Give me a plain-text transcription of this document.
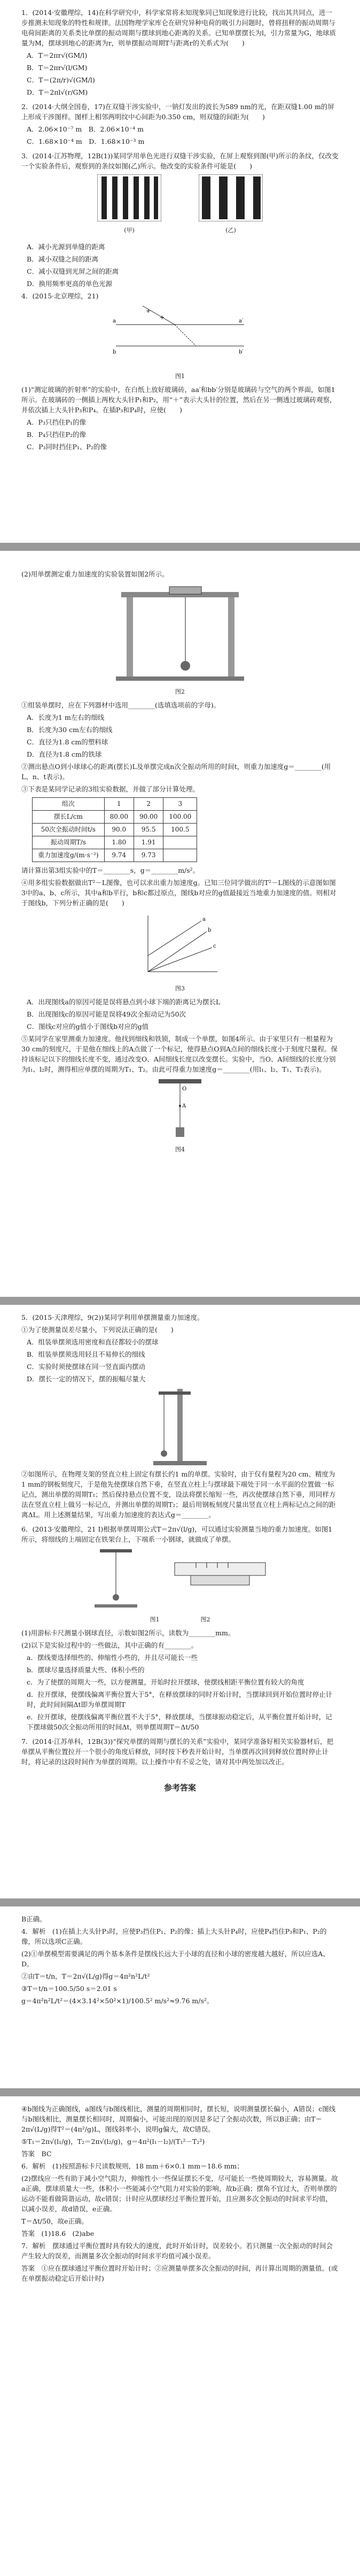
1．(2014·安徽理综，14)在科学研究中，科学家常将未知现象同已知现象进行比较，找出其共同点，进一步推测未知现象的特性和规律。法国物理学家库仑在研究异种电荷的吸引力问题时，曾将扭秤的振动周期与电荷间距离的关系类比单摆的振动周期与摆球到地心距离的关系。已知单摆摆长为l，引力常量为G，地球质量为M，摆球到地心的距离为r，则单摆振动周期T与距离r的关系式为(　　)

A．T＝2πr√(GM/l)

B．T＝2πr√(l/GM)

C．T＝(2π/r)√(GM/l)

D．T＝2πl√(r/GM)

2．(2014·大纲全国卷，17)在双缝干涉实验中，一钠灯发出的波长为589 nm的光，在距双缝1.00 m的屏上形成干涉图样。图样上相邻两明纹中心间距为0.350 cm，则双缝的间距为(　　)

A．2.06×10⁻⁷ m　B．2.06×10⁻⁴ m

C．1.68×10⁻⁴ m　D．1.68×10⁻³ m

3．(2014·江苏物理，12B(1))某同学用单色光进行双缝干涉实验，在屏上观察到图(甲)所示的条纹，仅改变一个实验条件后，观察到的条纹如图(乙)所示。他改变的实验条件可能是(　　)

(甲)	(乙)

A．减小光源到单缝的距离

B．减小双缝之间的距离

C．减小双缝到光屏之间的距离

D．换用频率更高的单色光源

4．(2015·北京理综，21)

+
+
a	a′
b	b′
图1

(1)“测定玻璃的折射率”的实验中，在白纸上放好玻璃砖，aa′和bb′分别是玻璃砖与空气的两个界面，如图1所示。在玻璃砖的一侧插上两枚大头针P₁和P₂，用“＋”表示大头针的位置，然后在另一侧透过玻璃砖观察，并依次插上大头针P₃和P₄。在插P₃和P₄时，应使(　　)

A．P₃只挡住P₁的像

B．P₄只挡住P₂的像

C．P₃同时挡住P₁、P₂的像

(2)用单摆测定重力加速度的实验装置如图2所示。

图2

①组装单摆时，应在下列器材中选用________(选填选项前的字母)。

A．长度为1 m左右的细线

B．长度为30 cm左右的细线

C．直径为1.8 cm的塑料球

D．直径为1.8 cm的铁球

②测出悬点O到小球球心的距离(摆长)L及单摆完成n次全振动所用的时间t，则重力加速度g＝________(用L、n、t表示)。

③下表是某同学记录的3组实验数据，并做了部分计算处理。

组次	1	2	3
摆长L/cm	80.00	90.00	100.00
50次全振动时间t/s	90.0	95.5	100.5
振动周期T/s	1.80	1.91	
重力加速度g/(m·s⁻²)	9.74	9.73	

请计算出第3组实验中的T＝________s，g＝________m/s²。

④用多组实验数据做出T²－L图像，也可以求出重力加速度g。已知三位同学做出的T²－L图线的示意图如图3中的a、b、c所示，其中a和b平行，b和c都过原点，图线b对应的g值最接近当地重力加速度的值。则相对于图线b，下列分析正确的是(　　)

a
b
c
图3

A．出现图线a的原因可能是误将悬点到小球下端的距离记为摆长L

B．出现图线c的原因可能是误将49次全振动记为50次

C．图线c对应的g值小于图线b对应的g值

⑤某同学在家里测重力加速度。他找到细线和铁锁，制成一个单摆，如图4所示。由于家里只有一根量程为30 cm的刻度尺，于是他在细线上的A点做了一个标记，使得悬点O到A点间的细线长度小于刻度尺量程。保持该标记以下的细线长度不变，通过改变O、A间细线长度以改变摆长。实验中，当O、A间细线的长度分别为l₁、l₂时，测得相应单摆的周期为T₁、T₂。由此可得重力加速度g＝________(用l₁、l₂、T₁、T₂表示)。

O
A
图4

5．(2015·天津理综，9(2))某同学利用单摆测量重力加速度。

①为了使测量误差尽量小，下列说法正确的是(　　)

A．组装单摆须选用密度和直径都较小的摆球

B．组装单摆须选用轻且不易伸长的细线

C．实验时须使摆球在同一竖直面内摆动

D．摆长一定的情况下，摆的振幅尽量大

②如图所示，在物理支架的竖直立柱上固定有摆长约1 m的单摆。实验时，由于仅有量程为20 cm、精度为1 mm的钢板刻度尺，于是他先使摆球自然下垂，在竖直立柱上与摆球最下端处于同一水平面的位置做一标记点，测出单摆的周期T₁；然后保持悬点位置不变，设法将摆长缩短一些，再次使摆球自然下垂，用同样方法在竖直立柱上做另一标记点，并测出单摆的周期T₂；最后用钢板刻度尺量出竖直立柱上两标记点之间的距离ΔL。用上述测量结果，写出重力加速度的表达式g＝________。

6．(2013·安徽理综，21 I)根据单摆周期公式T＝2π√(l/g)，可以通过实验测量当地的重力加速度。如图1所示，将细线的上端固定在铁架台上，下端系一小钢球，就做成了单摆。

图1　　　　　　　图2

(1)用游标卡尺测量小钢球直径，示数如图2所示，读数为________mm。

(2)以下是实验过程中的一些做法，其中正确的有________。

a．摆线要选择细些的、伸缩性小些的，并且尽可能长一些

b．摆球尽量选择质量大些、体积小些的

c．为了使摆的周期大一些，以方便测量，开始时拉开摆球，使摆线相距平衡位置有较大的角度

d．拉开摆球，使摆线偏离平衡位置大于5°，在释放摆球的同时开始计时，当摆球回到开始位置时停止计时，此时间间隔Δt即为单摆周期T

e．拉开摆球，使摆线偏离平衡位置不大于5°，释放摆球，当摆球振动稳定后，从平衡位置开始计时，记下摆球做50次全振动所用的时间Δt，则单摆周期T＝Δt/50

7．(2014·江苏单科，12B(3))“探究单摆的周期与摆长的关系”实验中，某同学准备好相关实验器材后，把单摆从平衡位置拉开一个很小的角度后释放，同时按下秒表开始计时，当单摆再次回到释放位置时停止计时，将记录的这段时间作为单摆的周期。以上操作中有不妥之处，请对其中两处加以改正。

参考答案

B正确。

4．解析　(1)在插上大头针P₃时，应使P₃挡住P₁、P₂的像；插上大头针P₄时，应使P₄挡住P₃和P₁、P₂的像，所以选项C正确。

(2)①单摆模型需要满足的两个基本条件是摆线长远大于小球的直径和小球的密度越大越好，所以应选A、D。

②由T＝t/n，T＝2π√(L/g)得g＝4π²n²L/t²

③T＝t/n＝100.5/50 s＝2.01 s

g＝4π²n²L/t²＝(4×3.14²×50²×1)/100.5² m/s²≈9.76 m/s²。

④b图线为正确图线，a图线与b图线相比，测量的周期相同时，摆长短，说明测量摆长偏小，A错误；c图线与b图线相比，测量摆长相同时，周期偏小，可能出现的原因是多记了全振动次数，所以B正确；由T＝2π√(L/g)得T²＝(4π²/g)L，图线斜率小，说明g偏大，故C错误。

⑤T₁＝2π√(l₁/g)，T₂＝2π√(l₂/g)，g＝4π²(l₁－l₂)/(T₁²－T₂²)

答案　BC

6．解析　(1)按照游标卡尺读数规则，18 mm＋6×0.1 mm＝18.6 mm；

(2)摆线应一些有助于减小空气阻力，伸缩性小一些保证摆长不变，尽可能长一些使周期较大，容易测量。故a正确，摆球质量大一些，体积小一些能减小空气阻力对实验的影响，故b正确；摆角不宜过大，否则单摆的运动不能看做简谐运动，故c错误；计时应从摆球经过平衡位置开始，且应测多次全振动的时间求平均值，以减小误差，故d错误，e正确。

T＝Δt/50，故e正确。

答案　(1)18.6　(2)abe

7．解析　摆球通过平衡位置时具有较大的速度，此时开始计时，误差较小。若只测量一次全振动的时间会产生较大的误差，而测量多次全振动的时间求平均值可减小误差。

答案　①应在摆球通过平衡位置时开始计时；②应测量单摆多次全振动的时间，再计算出周期的测量值。(或在单摆振动稳定后开始计时)
